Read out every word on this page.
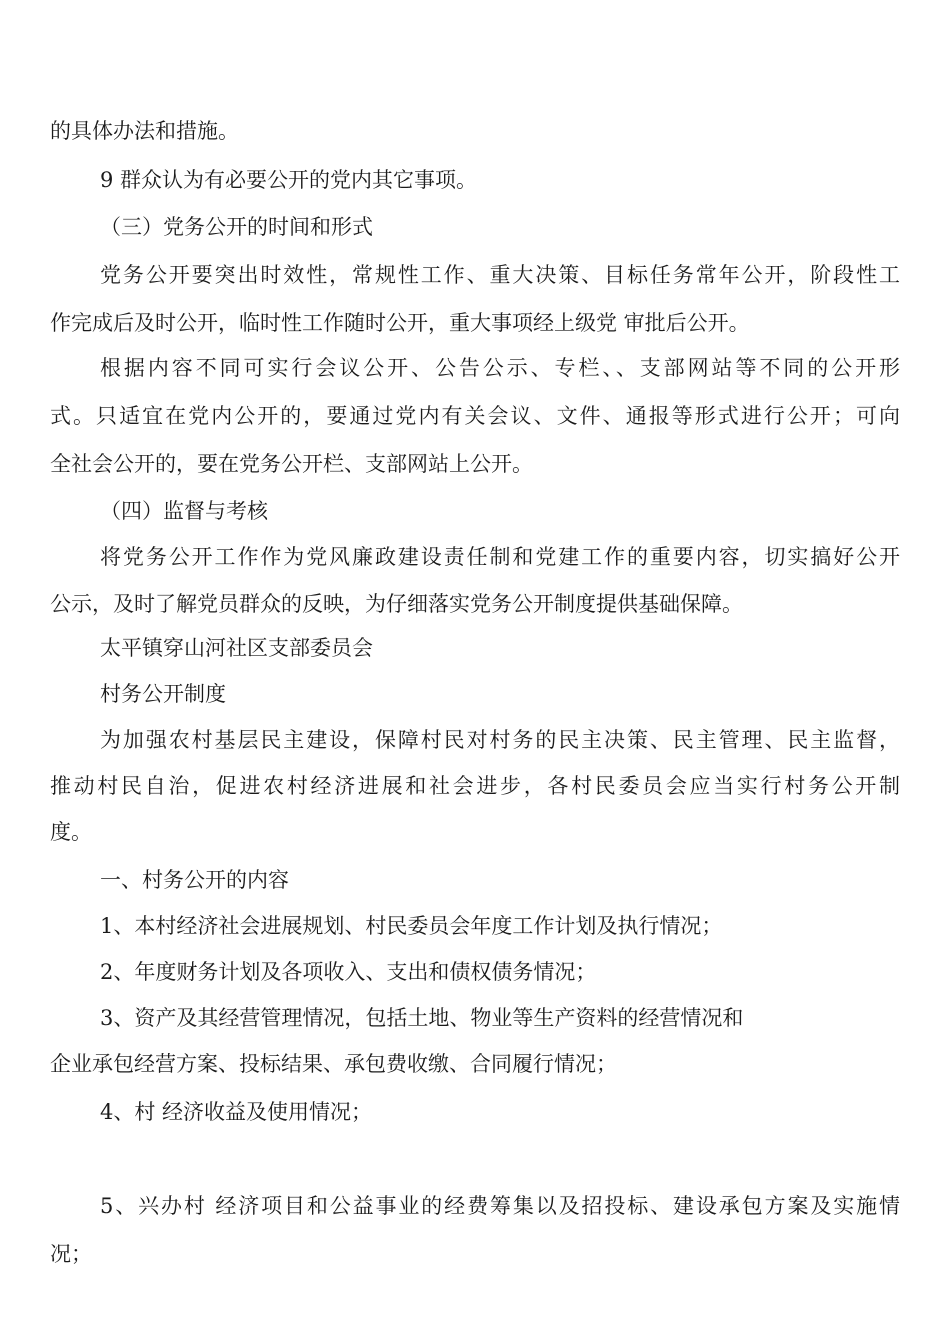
的具体办法和措施。

9 群众认为有必要公开的党内其它事项。

（三）党务公开的时间和形式

党务公开要突出时效性，常规性工作、重大决策、目标任务常年公开，阶段性工

作完成后及时公开，临时性工作随时公开，重大事项经上级党 审批后公开。

根据内容不同可实行会议公开、公告公示、专栏、、支部网站等不同的公开形

式。只适宜在党内公开的，要通过党内有关会议、文件、通报等形式进行公开；可向

全社会公开的，要在党务公开栏、支部网站上公开。

（四）监督与考核

将党务公开工作作为党风廉政建设责任制和党建工作的重要内容，切实搞好公开

公示，及时了解党员群众的反映，为仔细落实党务公开制度提供基础保障。

太平镇穿山河社区支部委员会

村务公开制度

为加强农村基层民主建设，保障村民对村务的民主决策、民主管理、民主监督，

推动村民自治，促进农村经济进展和社会进步，各村民委员会应当实行村务公开制

度。

一、村务公开的内容

1、本村经济社会进展规划、村民委员会年度工作计划及执行情况；

2、年度财务计划及各项收入、支出和债权债务情况；

3、资产及其经营管理情况，包括土地、物业等生产资料的经营情况和

企业承包经营方案、投标结果、承包费收缴、合同履行情况；

4、村 经济收益及使用情况；

5、兴办村 经济项目和公益事业的经费筹集以及招投标、建设承包方案及实施情

况；
